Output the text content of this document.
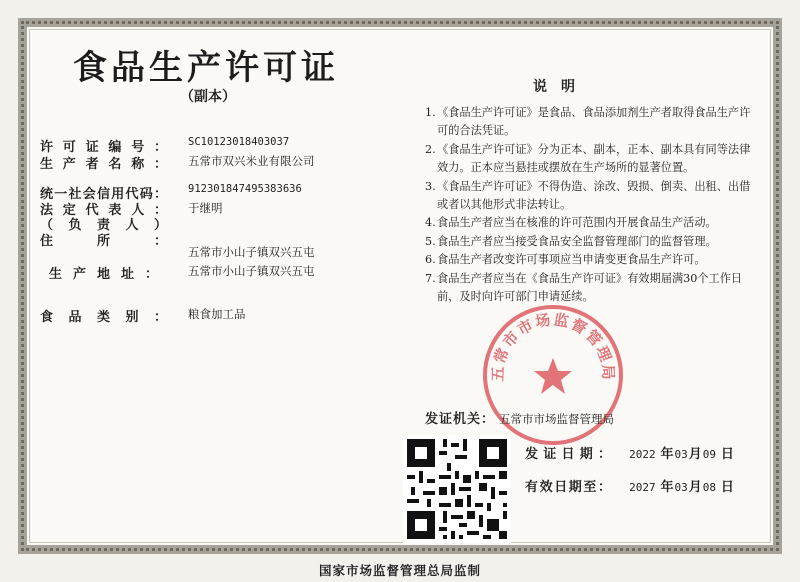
食品生产许可证
（副本）
许可证编号： SC10123018403037
生产者名称： 五常市双兴米业有限公司
统一社会信用代码： 912301847495383636
法定代表人：
（负责人）
于继明
住所：
五常市小山子镇双兴五屯
生产地址：	五常市小山子镇双兴五屯
食品类别： 粮食加工品
说明
1. 《食品生产许可证》是食品、食品添加剂生产者取得食品生产许可的合法凭证。
2. 《食品生产许可证》分为正本、副本，正本、副本具有同等法律效力。正本应当悬挂或摆放在生产场所的显著位置。
3. 《食品生产许可证》不得伪造、涂改、毁损、倒卖、出租、出借或者以其他形式非法转让。
4. 食品生产者应当在核准的许可范围内开展食品生产活动。
5. 食品生产者应当接受食品安全监督管理部门的监督管理。
6. 食品生产者改变许可事项应当申请变更食品生产许可。
7. 食品生产者应当在《食品生产许可证》有效期届满30个工作日前，及时向许可部门申请延续。
五常市市场监督管理局
发证机关： 五常市市场监督管理局
发证日期： 2022 年03月09 日
有效日期至： 2027 年03月08 日
国家市场监督管理总局监制
